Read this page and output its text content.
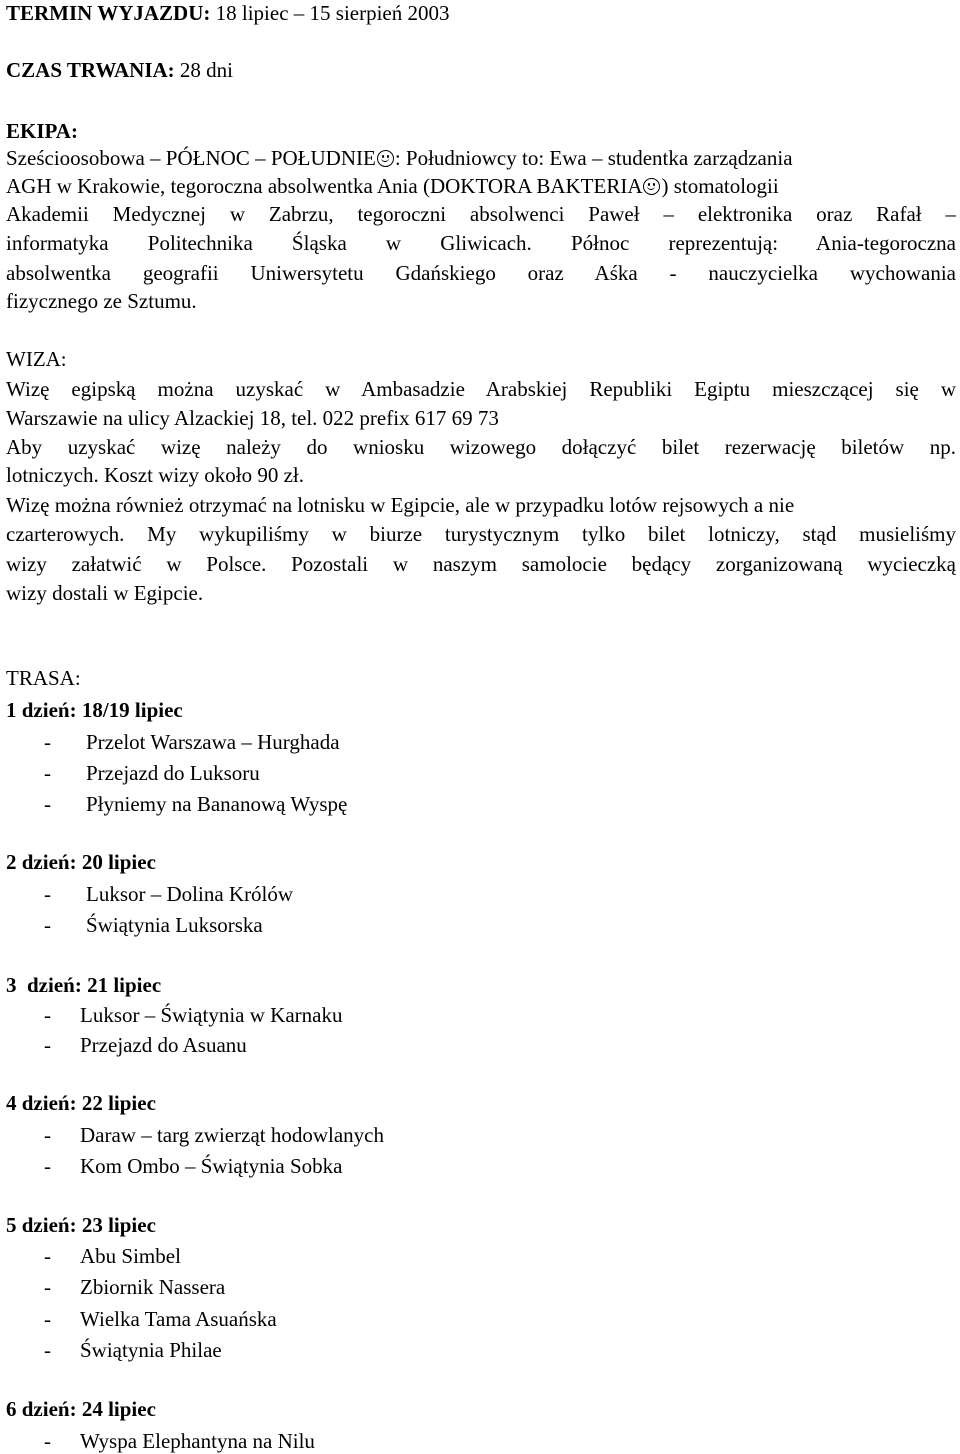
TERMIN WYJAZDU: 18 lipiec – 15 sierpień 2003
CZAS TRWANIA: 28 dni
EKIPA:
Sześcioosobowa – PÓŁNOC – POŁUDNIE : Południowcy to: Ewa – studentka zarządzania
AGH w Krakowie, tegoroczna absolwentka Ania (DOKTORA BAKTERIA ) stomatologii
Akademii Medycznej w Zabrzu, tegoroczni absolwenci Paweł – elektronika oraz Rafał –
informatyka Politechnika Śląska w Gliwicach. Północ reprezentują: Ania-tegoroczna
absolwentka geografii Uniwersytetu Gdańskiego oraz Aśka - nauczycielka wychowania
fizycznego ze Sztumu.
WIZA:
Wizę egipską można uzyskać w Ambasadzie Arabskiej Republiki Egiptu mieszczącej się w
Warszawie na ulicy Alzackiej 18, tel. 022 prefix 617 69 73
Aby uzyskać wizę należy do wniosku wizowego dołączyć bilet rezerwację biletów np.
lotniczych. Koszt wizy około 90 zł.
Wizę można również otrzymać na lotnisku w Egipcie, ale w przypadku lotów rejsowych a nie
czarterowych. My wykupiliśmy w biurze turystycznym tylko bilet lotniczy, stąd musieliśmy
wizy załatwić w Polsce. Pozostali w naszym samolocie będący zorganizowaną wycieczką
wizy dostali w Egipcie.
TRASA:
1 dzień: 18/19 lipiec
- Przelot Warszawa – Hurghada
- Przejazd do Luksoru
- Płyniemy na Bananową Wyspę
2 dzień: 20 lipiec
- Luksor – Dolina Królów
- Świątynia Luksorska
3  dzień: 21 lipiec
- Luksor – Świątynia w Karnaku
- Przejazd do Asuanu
4 dzień: 22 lipiec
- Daraw – targ zwierząt hodowlanych
- Kom Ombo – Świątynia Sobka
5 dzień: 23 lipiec
- Abu Simbel
- Zbiornik Nassera
- Wielka Tama Asuańska
- Świątynia Philae
6 dzień: 24 lipiec
- Wyspa Elephantyna na Nilu
